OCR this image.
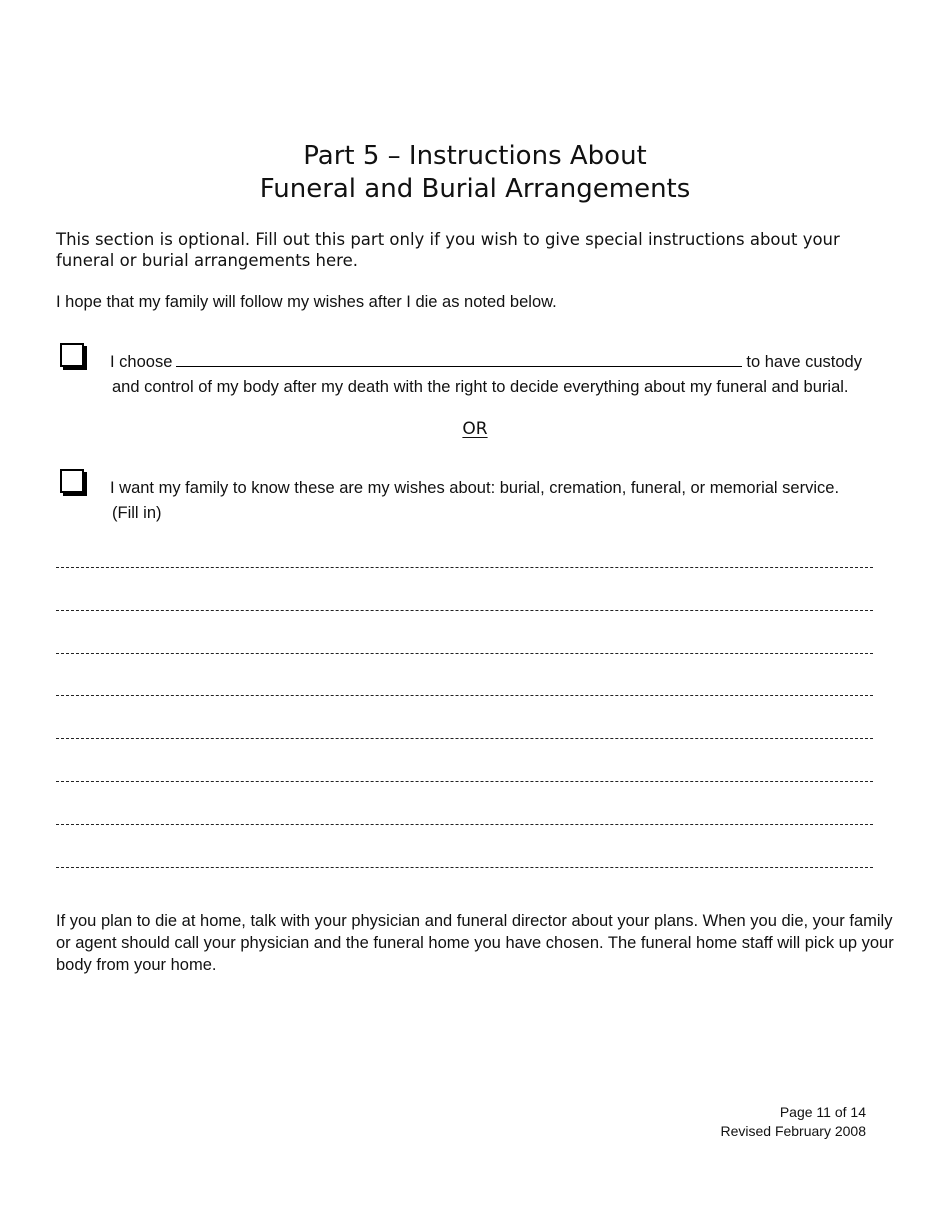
Part 5 – Instructions About
Funeral and Burial Arrangements
This section is optional. Fill out this part only if you wish to give special instructions about your funeral or burial arrangements here.
I hope that my family will follow my wishes after I die as noted below.
I choose	to have custody
and control of my body after my death with the right to decide everything about my funeral and burial.
OR
I want my family to know these are my wishes about: burial, cremation, funeral, or memorial service.
(Fill in)
If you plan to die at home, talk with your physician and funeral director about your plans. When you die, your family or agent should call your physician and the funeral home you have chosen. The funeral home staff will pick up your body from your home.
Page 11 of 14
Revised February 2008
